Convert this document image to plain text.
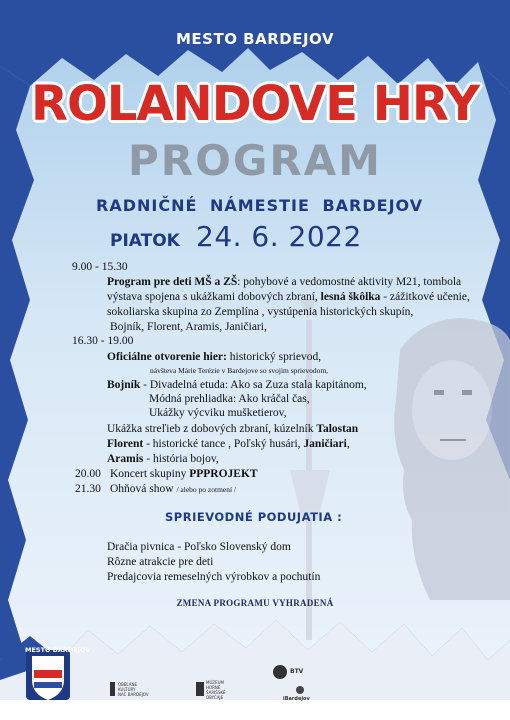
MESTO BARDEJOV
ROLANDOVE HRY
PROGRAM
RADNIČNÉ NÁMESTIE BARDEJOV
PIATOK 24. 6. 2022
9.00 - 15.30
Program pre deti MŠ a ZŠ: pohybové a vedomostné aktivity M21, tombola
výstava spojena s ukážkami dobových zbraní, lesná škôlka - zážitkové učenie,
sokoliarska skupina zo Zemplína , vystúpenia historických skupín,
Bojník, Florent, Aramis, Janičiari,
16.30 - 19.00
Oficiálne otvorenie hier: historický sprievod,
návšteva Márie Terézie v Bardejove so svojim sprievodom,
Bojník - Divadelná etuda: Ako sa Zuza stala kapitánom,
Módná prehliadka: Ako kráčal čas,
Ukážky výcviku mušketierov,
Ukážka streľieb z dobových zbraní, kúzelník Talostan
Florent - historické tance , Poľský husári, Janičiari,
Aramis - história bojov,
20.00 Koncert skupiny PPPROJEKT
21.30 Ohňová show / alebo po zotmení /
Dračia pivnica - Poľsko Slovenský dom
Rôzne atrakcie pre deti
Predajcovia remeselných výrobkov a pochutín
SPRIEVODNÉ PODUJATIA :
ZMENA PROGRAMU VYHRADENÁ
MESTO BARDEJOV
OBEĽÁNE
KULTÚRY
NAČ BARDEJOV
MÚZEUM
HORNÉ
ŠARIŠSKÉ
OBYČAJE
BTV
iBardejov
